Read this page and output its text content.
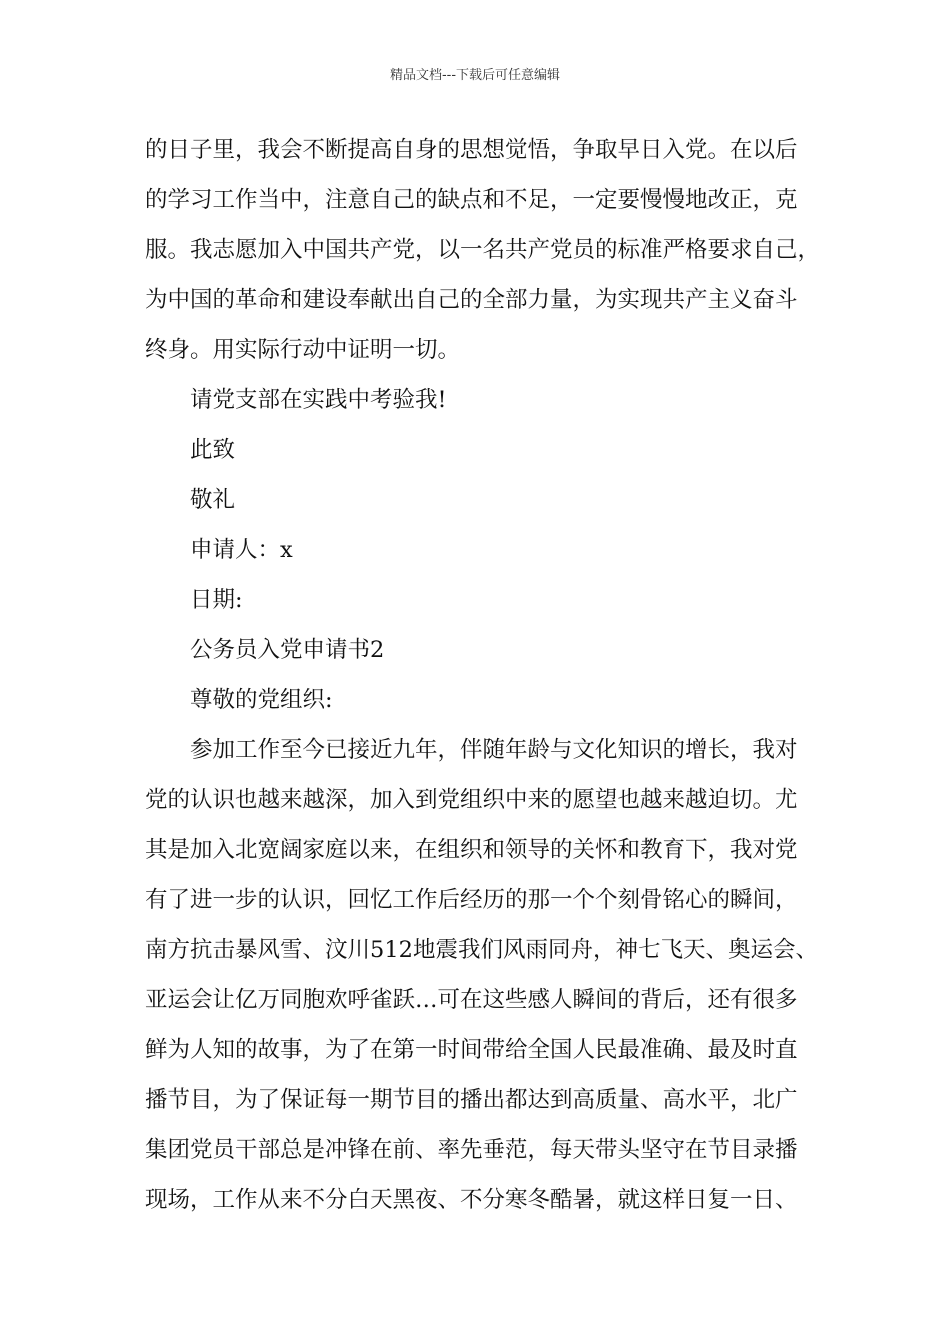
精品文档---下载后可任意编辑
的日子里，我会不断提高自身的思想觉悟，争取早日入党。在以后
的学习工作当中，注意自己的缺点和不足，一定要慢慢地改正，克
服。我志愿加入中国共产党，以一名共产党员的标准严格要求自己，
为中国的革命和建设奉献出自己的全部力量，为实现共产主义奋斗
终身。用实际行动中证明一切。
请党支部在实践中考验我!
此致
敬礼
申请人：x
日期:
公务员入党申请书2
尊敬的党组织:
参加工作至今已接近九年，伴随年龄与文化知识的增长，我对
党的认识也越来越深，加入到党组织中来的愿望也越来越迫切。尤
其是加入北宽阔家庭以来，在组织和领导的关怀和教育下，我对党
有了进一步的认识，回忆工作后经历的那一个个刻骨铭心的瞬间，
南方抗击暴风雪、汶川512地震我们风雨同舟，神七飞天、奥运会、
亚运会让亿万同胞欢呼雀跃…可在这些感人瞬间的背后，还有很多
鲜为人知的故事，为了在第一时间带给全国人民最准确、最及时直
播节目，为了保证每一期节目的播出都达到高质量、高水平，北广
集团党员干部总是冲锋在前、率先垂范，每天带头坚守在节目录播
现场，工作从来不分白天黑夜、不分寒冬酷暑，就这样日复一日、
